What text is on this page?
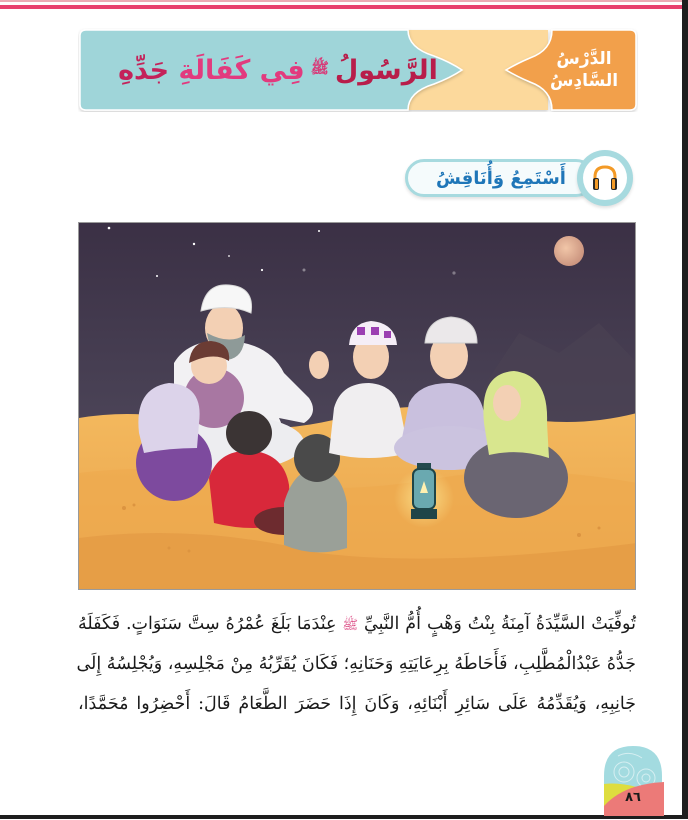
الرَّسُولُ
ﷺ
فِي كَفَالَةِ

جَدِّهِ	الدَّرْسُ
السَّادِسُ
أَسْتَمِعُ وَأُنَاقِشُ
تُوفِّيَتْ السَّيِّدَةُ آمِنَةُ بِنْتُ وَهْبٍ أُمُّ النَّبِيِّ ﷺ عِنْدَمَا بَلَغَ عُمْرُهُ سِتَّ سَنَوَاتٍ. فَكَفَلَهُ
جَدُّهُ عَبْدُالْمُطَّلِبِ، فَأَحَاطَهُ بِرِعَايَتِهِ وَحَنَانِهِ؛ فَكَانَ يُقَرِّبُهُ مِنْ مَجْلِسِهِ، وَيُجْلِسُهُ إِلَى
جَانِبِهِ، وَيُقَدِّمُهُ عَلَى سَائِرِ أَبْنَائِهِ، وَكَانَ إِذَا حَضَرَ الطَّعَامُ قَالَ: أَحْضِرُوا مُحَمَّدًا،
٨٦
